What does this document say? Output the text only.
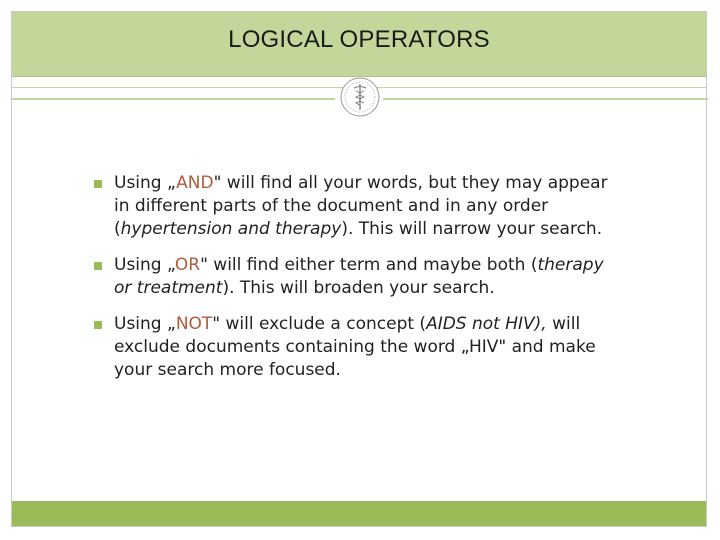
LOGICAL OPERATORS
Using „AND" will find all your words, but they may appear in different parts of the document and in any order (hypertension and therapy). This will narrow your search.
Using „OR" will find either term and maybe both (therapy or treatment). This will broaden your search.
Using „NOT" will exclude a concept (AIDS not HIV), will exclude documents containing the word „HIV" and make your search more focused.
